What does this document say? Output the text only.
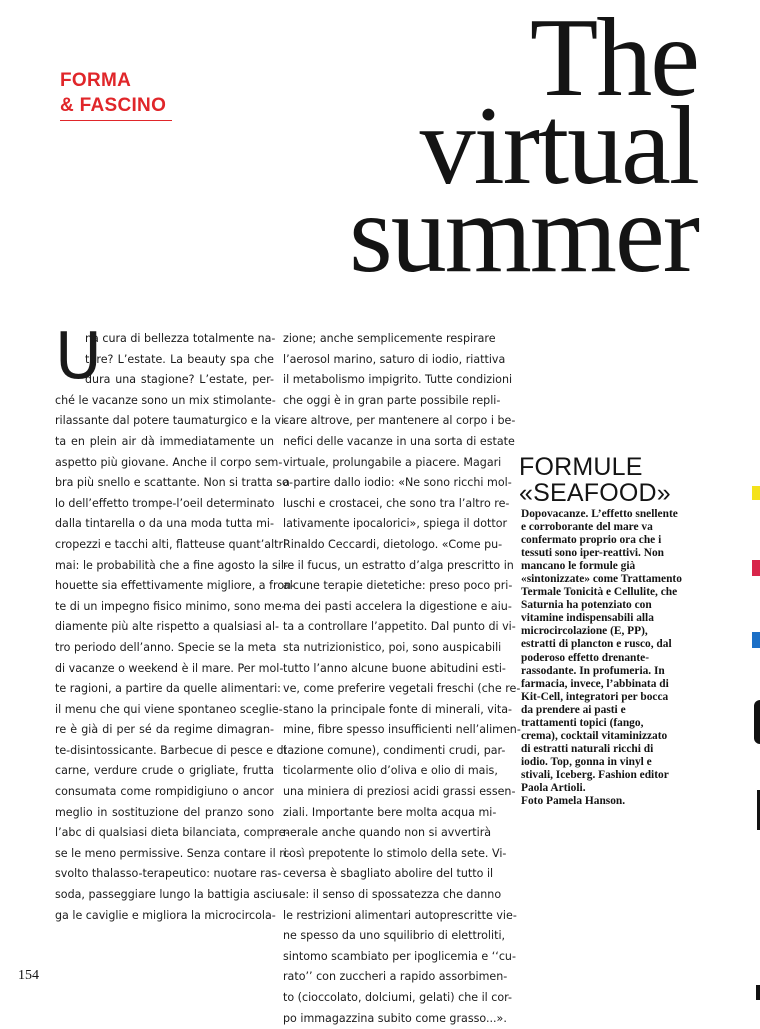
FORMA
& FASCINO	The
virtual
summer
U
na cura di bellezza totalmente na-
ture? L’estate. La beauty spa che
dura una stagione? L’estate, per-
ché le vacanze sono un mix stimolante-
rilassante dal potere taumaturgico e la vi-
ta en plein air dà immediatamente un
aspetto più giovane. Anche il corpo sem-
bra più snello e scattante. Non si tratta so-
lo dell’effetto trompe-l’oeil determinato
dalla tintarella o da una moda tutta mi-
cropezzi e tacchi alti, flatteuse quant’altri
mai: le probabilità che a fine agosto la sil-
houette sia effettivamente migliore, a fron-
te di un impegno fisico minimo, sono me-
diamente più alte rispetto a qualsiasi al-
tro periodo dell’anno. Specie se la meta
di vacanze o weekend è il mare. Per mol-
te ragioni, a partire da quelle alimentari:
il menu che qui viene spontaneo sceglie-
re è già di per sé da regime dimagran-
te-disintossicante. Barbecue di pesce e di
carne, verdure crude o grigliate, frutta
consumata come rompidigiuno o ancor
meglio in sostituzione del pranzo sono
l’abc di qualsiasi dieta bilanciata, compre-
se le meno permissive. Senza contare il ri-
svolto thalasso-terapeutico: nuotare ras-
soda, passeggiare lungo la battigia asciu-
ga le caviglie e migliora la microcircola-
zione; anche semplicemente respirare
l’aerosol marino, saturo di iodio, riattiva
il metabolismo impigrito. Tutte condizioni
che oggi è in gran parte possibile repli-
care altrove, per mantenere al corpo i be-
nefici delle vacanze in una sorta di estate
virtuale, prolungabile a piacere. Magari
a partire dallo iodio: «Ne sono ricchi mol-
luschi e crostacei, che sono tra l’altro re-
lativamente ipocalorici», spiega il dottor
Rinaldo Ceccardi, dietologo. «Come pu-
re il fucus, un estratto d’alga prescritto in
alcune terapie dietetiche: preso poco pri-
ma dei pasti accelera la digestione e aiu-
ta a controllare l’appetito. Dal punto di vi-
sta nutrizionistico, poi, sono auspicabili
tutto l’anno alcune buone abitudini esti-
ve, come preferire vegetali freschi (che re-
stano la principale fonte di minerali, vita-
mine, fibre spesso insufficienti nell’alimen-
tazione comune), condimenti crudi, par-
ticolarmente olio d’oliva e olio di mais,
una miniera di preziosi acidi grassi essen-
ziali. Importante bere molta acqua mi-
nerale anche quando non si avvertirà
così prepotente lo stimolo della sete. Vi-
ceversa è sbagliato abolire del tutto il
sale: il senso di spossatezza che danno
le restrizioni alimentari autoprescritte vie-
ne spesso da uno squilibrio di elettroliti,
sintomo scambiato per ipoglicemia e ‘‘cu-
rato’’ con zuccheri a rapido assorbimen-
to (cioccolato, dolciumi, gelati) che il cor-
po immagazzina subito come grasso...».
FORMULE
«SEAFOOD»
Dopovacanze. L’effetto snellente
e corroborante del mare va
confermato proprio ora che i
tessuti sono iper-reattivi. Non
mancano le formule già
«sintonizzate» come Trattamento
Termale Tonicità e Cellulite, che
Saturnia ha potenziato con
vitamine indispensabili alla
microcircolazione (E, PP),
estratti di plancton e rusco, dal
poderoso effetto drenante-
rassodante. In profumeria. In
farmacia, invece, l’abbinata di
Kit-Cell, integratori per bocca
da prendere ai pasti e
trattamenti topici (fango,
crema), cocktail vitaminizzato
di estratti naturali ricchi di
iodio. Top, gonna in vinyl e
stivali, Iceberg. Fashion editor
Paola Artioli.
Foto Pamela Hanson.
154
